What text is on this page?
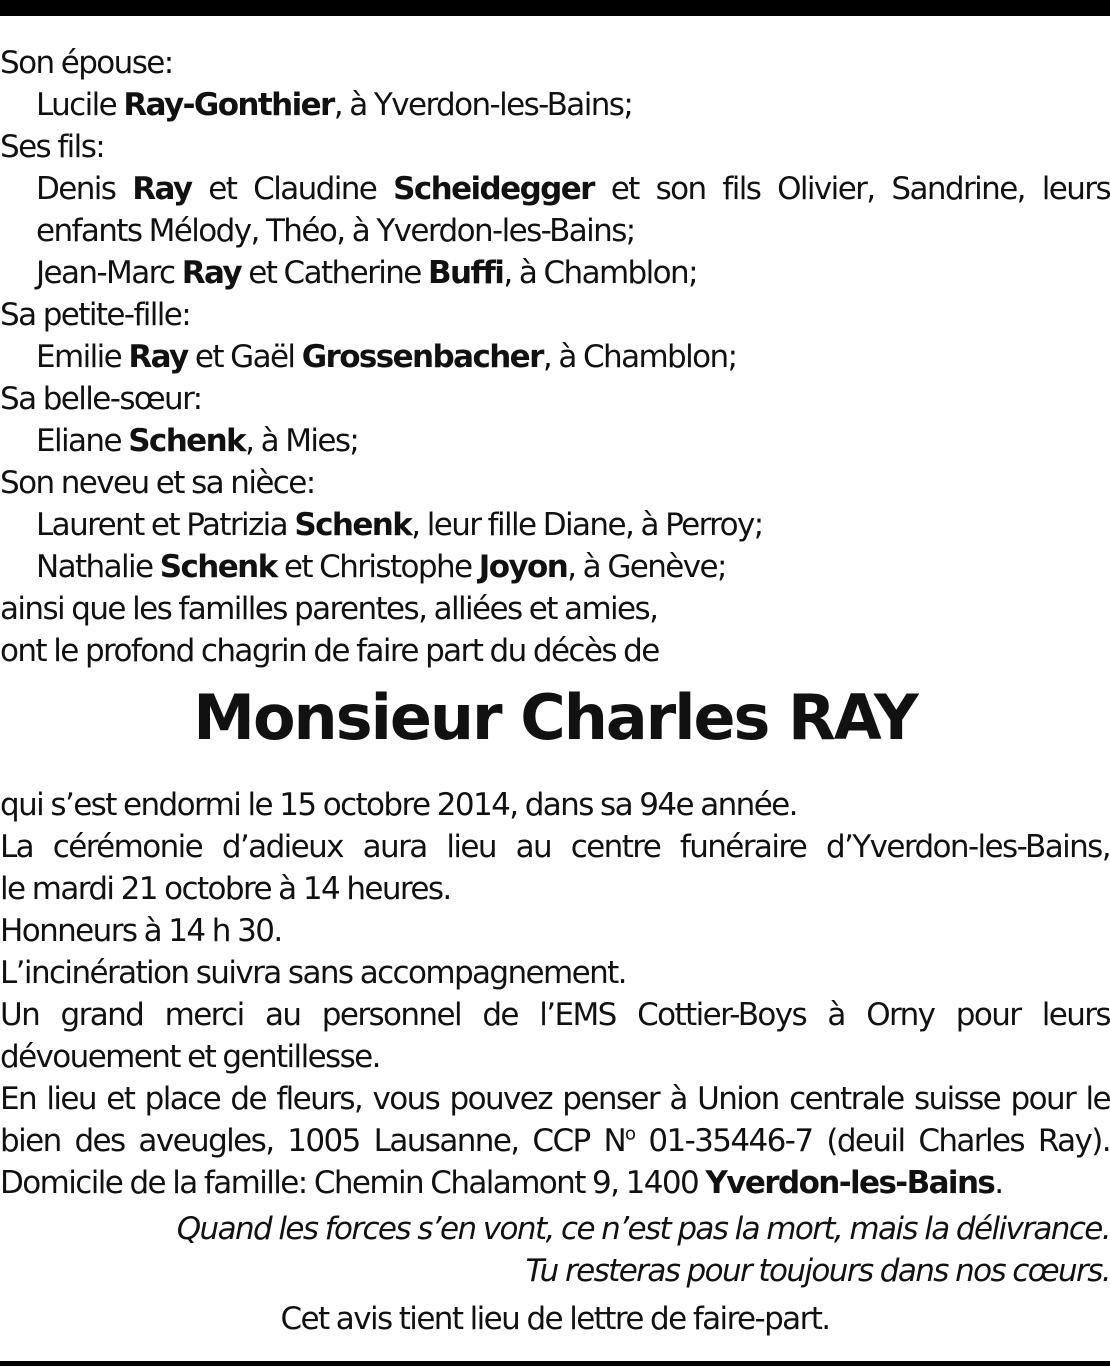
Son épouse:
Lucile Ray-Gonthier, à Yverdon-les-Bains;
Ses fils:
Denis Ray et Claudine Scheidegger et son fils Olivier, Sandrine, leurs
enfants Mélody, Théo, à Yverdon-les-Bains;
Jean-Marc Ray et Catherine Buffi, à Chamblon;
Sa petite-fille:
Emilie Ray et Gaël Grossenbacher, à Chamblon;
Sa belle-sœur:
Eliane Schenk, à Mies;
Son neveu et sa nièce:
Laurent et Patrizia Schenk, leur fille Diane, à Perroy;
Nathalie Schenk et Christophe Joyon, à Genève;
ainsi que les familles parentes, alliées et amies,
ont le profond chagrin de faire part du décès de
Monsieur Charles RAY
qui s’est endormi le 15 octobre 2014, dans sa 94e année.
La cérémonie d’adieux aura lieu au centre funéraire d’Yverdon-les-Bains,
le mardi 21 octobre à 14 heures.
Honneurs à 14 h 30.
L’incinération suivra sans accompagnement.
Un grand merci au personnel de l’EMS Cottier-Boys à Orny pour leurs
dévouement et gentillesse.
En lieu et place de fleurs, vous pouvez penser à Union centrale suisse pour le
bien des aveugles, 1005 Lausanne, CCP $N^o$ 01-35446-7 (deuil Charles Ray).
Domicile de la famille: Chemin Chalamont 9, 1400 Yverdon-les-Bains.
Quand les forces s’en vont, ce n’est pas la mort, mais la délivrance.
Tu resteras pour toujours dans nos cœurs.
Cet avis tient lieu de lettre de faire-part.
